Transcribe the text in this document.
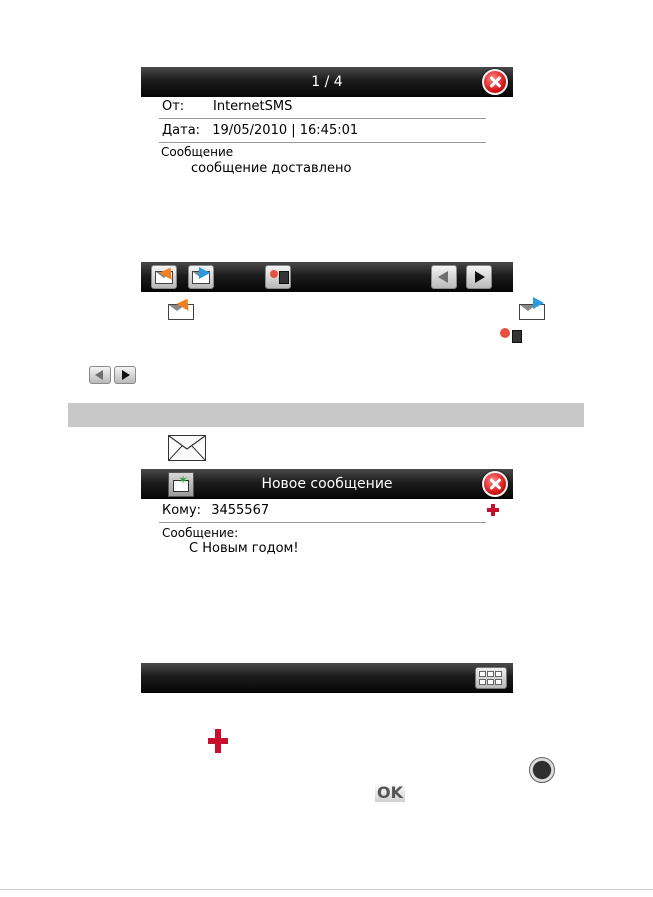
1 / 4
От: InternetSMS
Дата: 19/05/2010 | 16:45:01
Сообщение
сообщение доставлено
✶	Новое сообщение
Кому: 3455567
Сообщение:
С Новым годом!
OK
